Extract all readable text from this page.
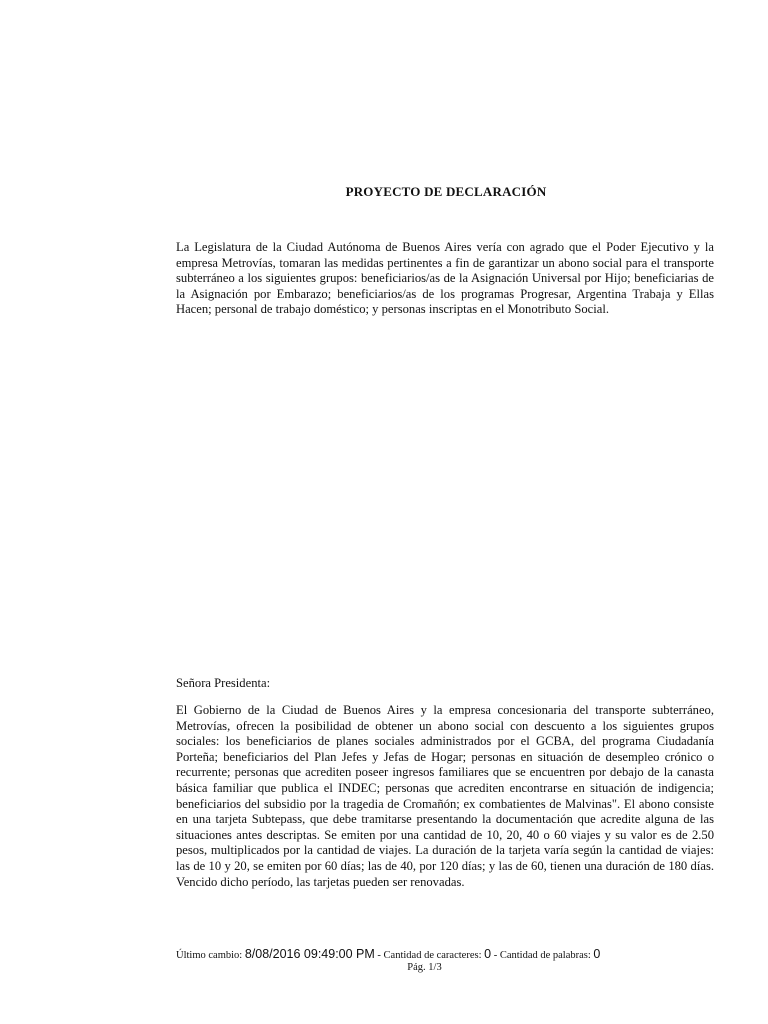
PROYECTO DE DECLARACIÓN

La Legislatura de la Ciudad Autónoma de Buenos Aires vería con agrado que el Poder Ejecutivo y la empresa Metrovías, tomaran las medidas pertinentes a fin de garantizar un abono social para el transporte subterráneo a los siguientes grupos: beneficiarios/as de la Asignación Universal por Hijo; beneficiarias de la Asignación por Embarazo; beneficiarios/as de los programas Progresar, Argentina Trabaja y Ellas Hacen; personal de trabajo doméstico; y personas inscriptas en el Monotributo Social.

Señora Presidenta:

El Gobierno de la Ciudad de Buenos Aires y la empresa concesionaria del transporte subterráneo, Metrovías, ofrecen la posibilidad de obtener un abono social con descuento a los siguientes grupos sociales: los beneficiarios de planes sociales administrados por el GCBA, del programa Ciudadanía Porteña; beneficiarios del Plan Jefes y Jefas de Hogar; personas en situación de desempleo crónico o recurrente; personas que acrediten poseer ingresos familiares que se encuentren por debajo de la canasta básica familiar que publica el INDEC; personas que acrediten encontrarse en situación de indigencia; beneficiarios del subsidio por la tragedia de Cromañón; ex combatientes de Malvinas". El abono consiste en una tarjeta Subtepass, que debe tramitarse presentando la documentación que acredite alguna de las situaciones antes descriptas. Se emiten por una cantidad de 10, 20, 40 o 60 viajes y su valor es de 2.50 pesos, multiplicados por la cantidad de viajes. La duración de la tarjeta varía según la cantidad de viajes: las de 10 y 20, se emiten por 60 días; las de 40, por 120 días; y las de 60, tienen una duración de 180 días. Vencido dicho período, las tarjetas pueden ser renovadas.

Último cambio: 8/08/2016 09:49:00 PM - Cantidad de caracteres: 0 - Cantidad de palabras: 0
Pág. 1/3
